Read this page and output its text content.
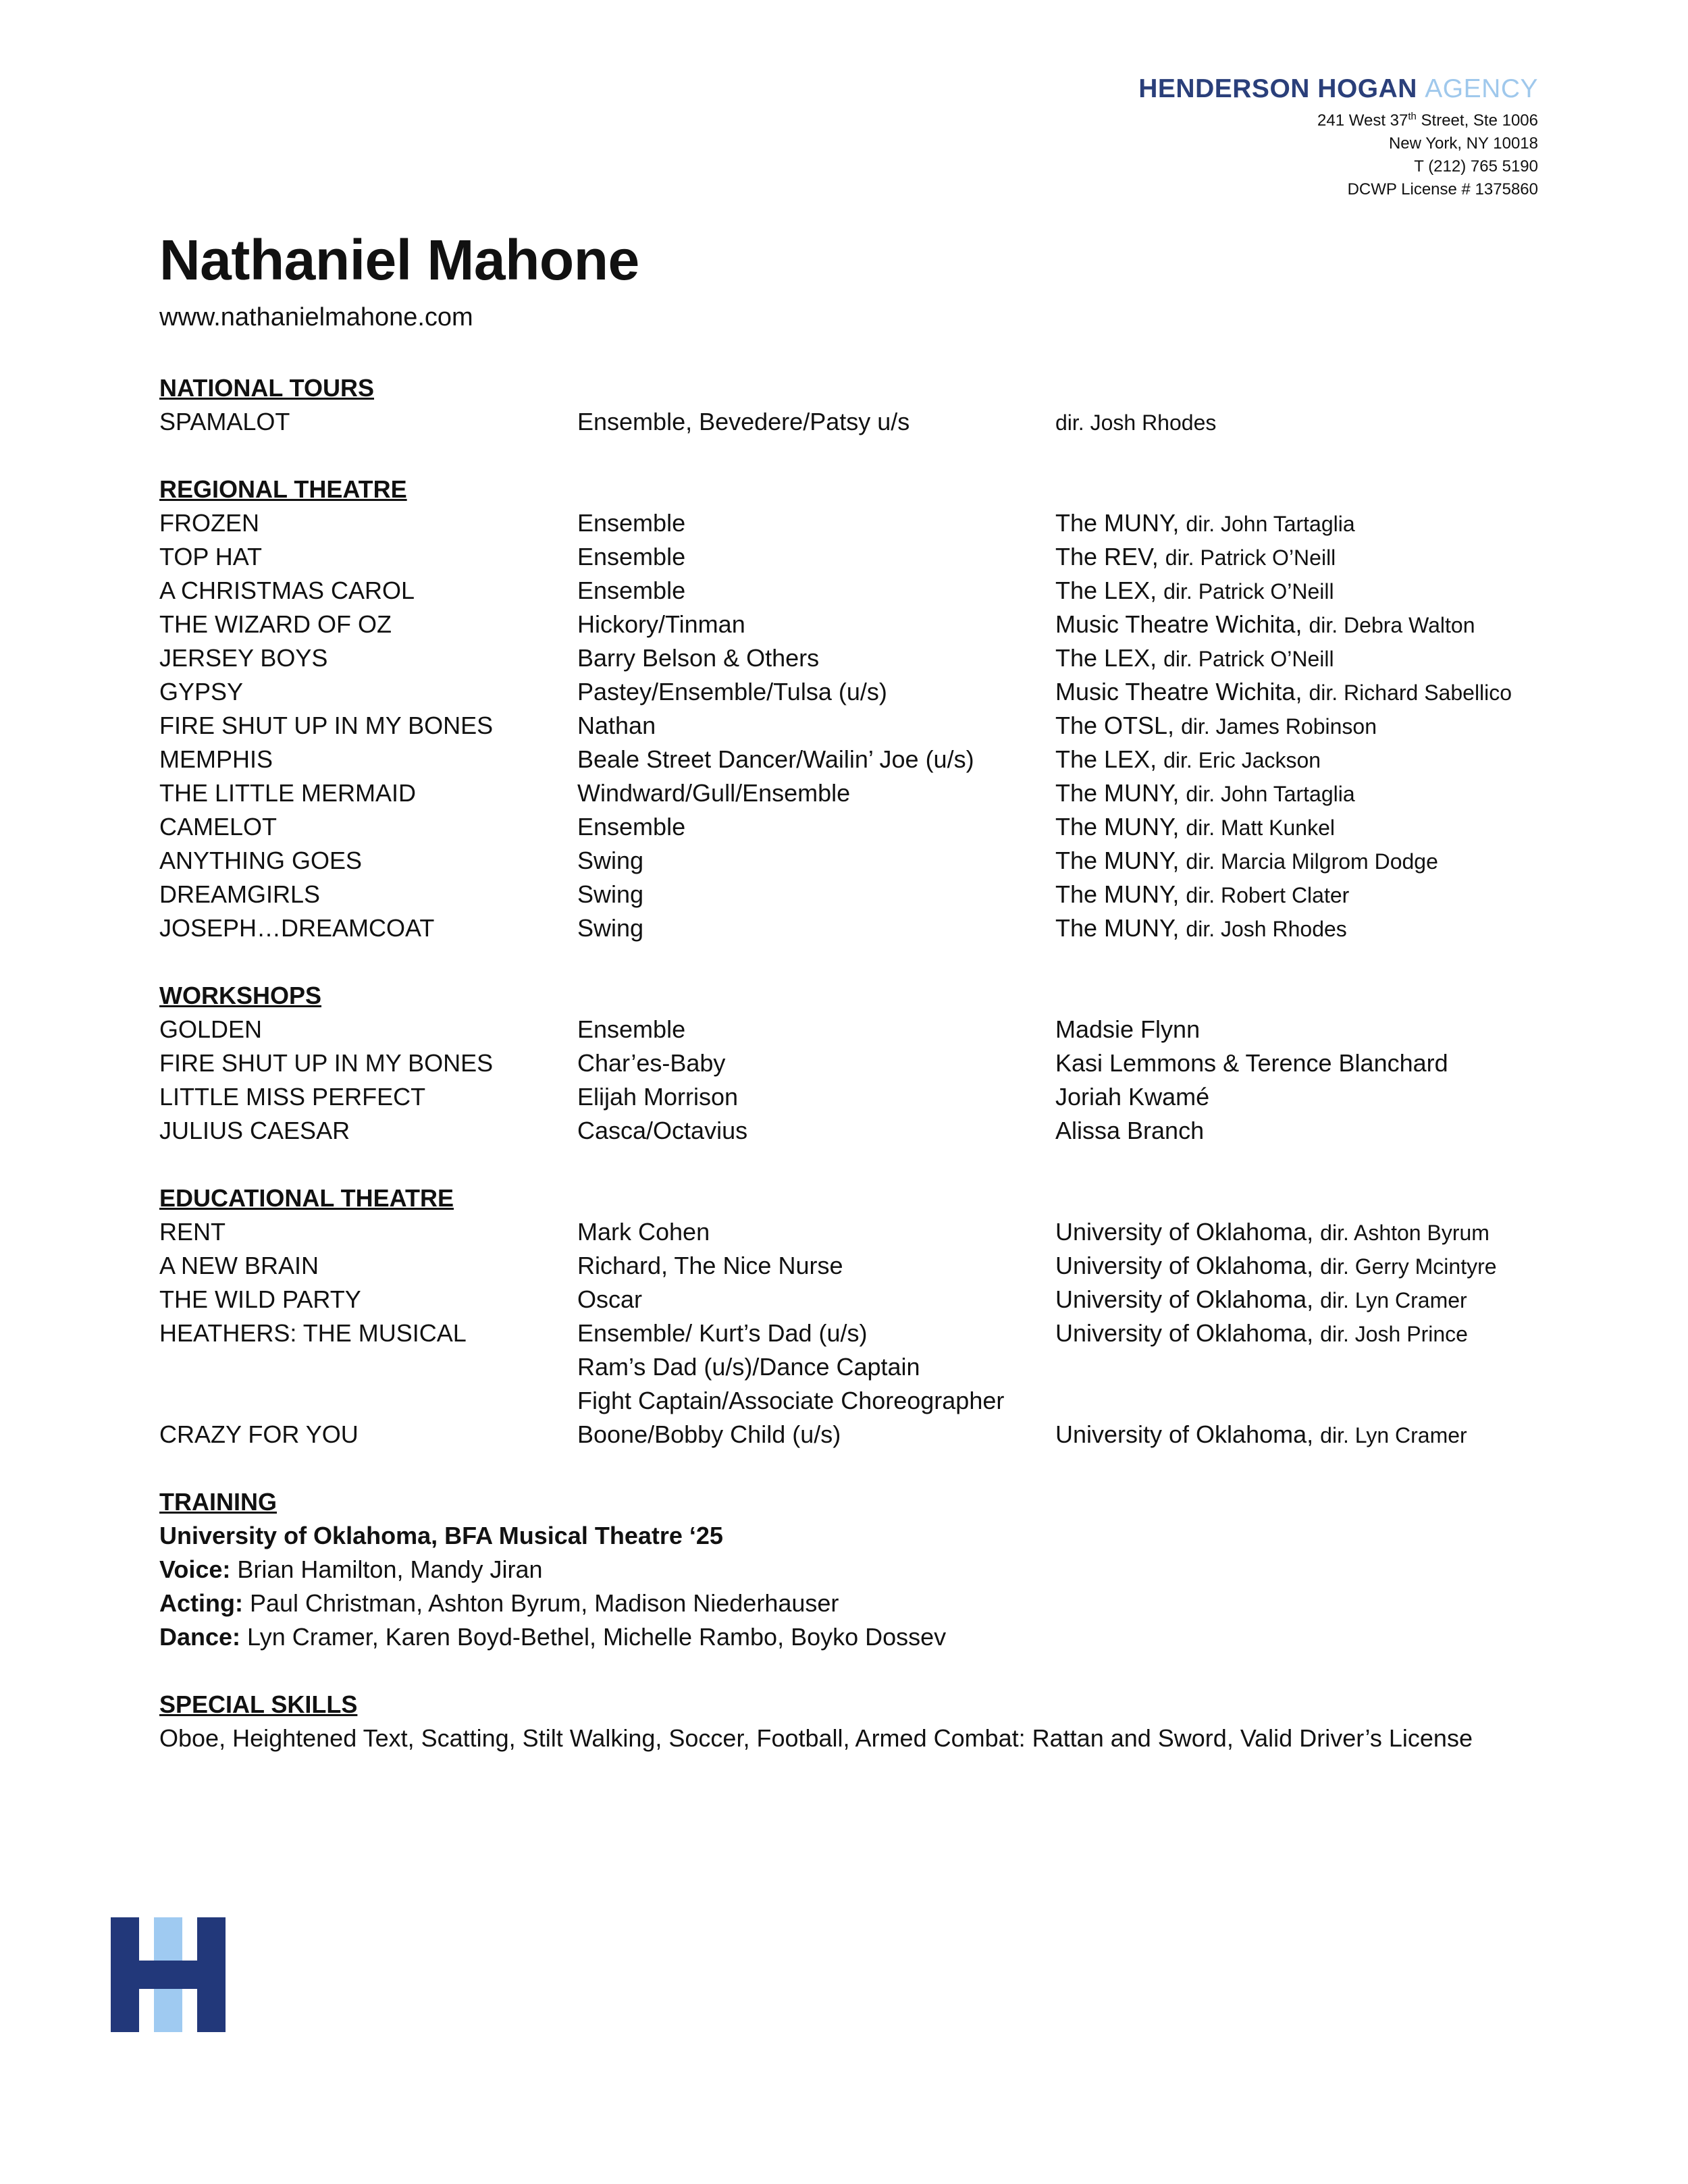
HENDERSON HOGAN AGENCY
241 West 37th Street, Ste 1006
New York, NY 10018
T (212) 765 5190
DCWP License # 1375860
Nathaniel Mahone
www.nathanielmahone.com
NATIONAL TOURS
SPAMALOT	Ensemble, Bevedere/Patsy u/s	dir. Josh Rhodes
REGIONAL THEATRE
FROZEN	Ensemble	The MUNY, dir. John Tartaglia
TOP HAT	Ensemble	The REV, dir. Patrick O’Neill
A CHRISTMAS CAROL	Ensemble	The LEX, dir. Patrick O’Neill
THE WIZARD OF OZ	Hickory/Tinman	Music Theatre Wichita, dir. Debra Walton
JERSEY BOYS	Barry Belson & Others	The LEX, dir. Patrick O’Neill
GYPSY	Pastey/Ensemble/Tulsa (u/s)	Music Theatre Wichita, dir. Richard Sabellico
FIRE SHUT UP IN MY BONES	Nathan	The OTSL, dir. James Robinson
MEMPHIS	Beale Street Dancer/Wailin’ Joe (u/s)	The LEX, dir. Eric Jackson
THE LITTLE MERMAID	Windward/Gull/Ensemble	The MUNY, dir. John Tartaglia
CAMELOT	Ensemble	The MUNY, dir. Matt Kunkel
ANYTHING GOES	Swing	The MUNY, dir. Marcia Milgrom Dodge
DREAMGIRLS	Swing	The MUNY, dir. Robert Clater
JOSEPH…DREAMCOAT	Swing	The MUNY, dir. Josh Rhodes
WORKSHOPS
GOLDEN	Ensemble	Madsie Flynn
FIRE SHUT UP IN MY BONES	Char’es-Baby	Kasi Lemmons & Terence Blanchard
LITTLE MISS PERFECT	Elijah Morrison	Joriah Kwamé
JULIUS CAESAR	Casca/Octavius	Alissa Branch
EDUCATIONAL THEATRE
RENT	Mark Cohen	University of Oklahoma, dir. Ashton Byrum
A NEW BRAIN	Richard, The Nice Nurse	University of Oklahoma, dir. Gerry Mcintyre
THE WILD PARTY	Oscar	University of Oklahoma, dir. Lyn Cramer
HEATHERS: THE MUSICAL	Ensemble/ Kurt’s Dad (u/s)	University of Oklahoma, dir. Josh Prince
Ram’s Dad (u/s)/Dance Captain
Fight Captain/Associate Choreographer
CRAZY FOR YOU	Boone/Bobby Child (u/s)	University of Oklahoma, dir. Lyn Cramer
TRAINING
University of Oklahoma, BFA Musical Theatre ‘25
Voice: Brian Hamilton, Mandy Jiran
Acting: Paul Christman, Ashton Byrum, Madison Niederhauser
Dance: Lyn Cramer, Karen Boyd-Bethel, Michelle Rambo, Boyko Dossev
SPECIAL SKILLS
Oboe, Heightened Text, Scatting, Stilt Walking, Soccer, Football, Armed Combat: Rattan and Sword, Valid Driver’s License
